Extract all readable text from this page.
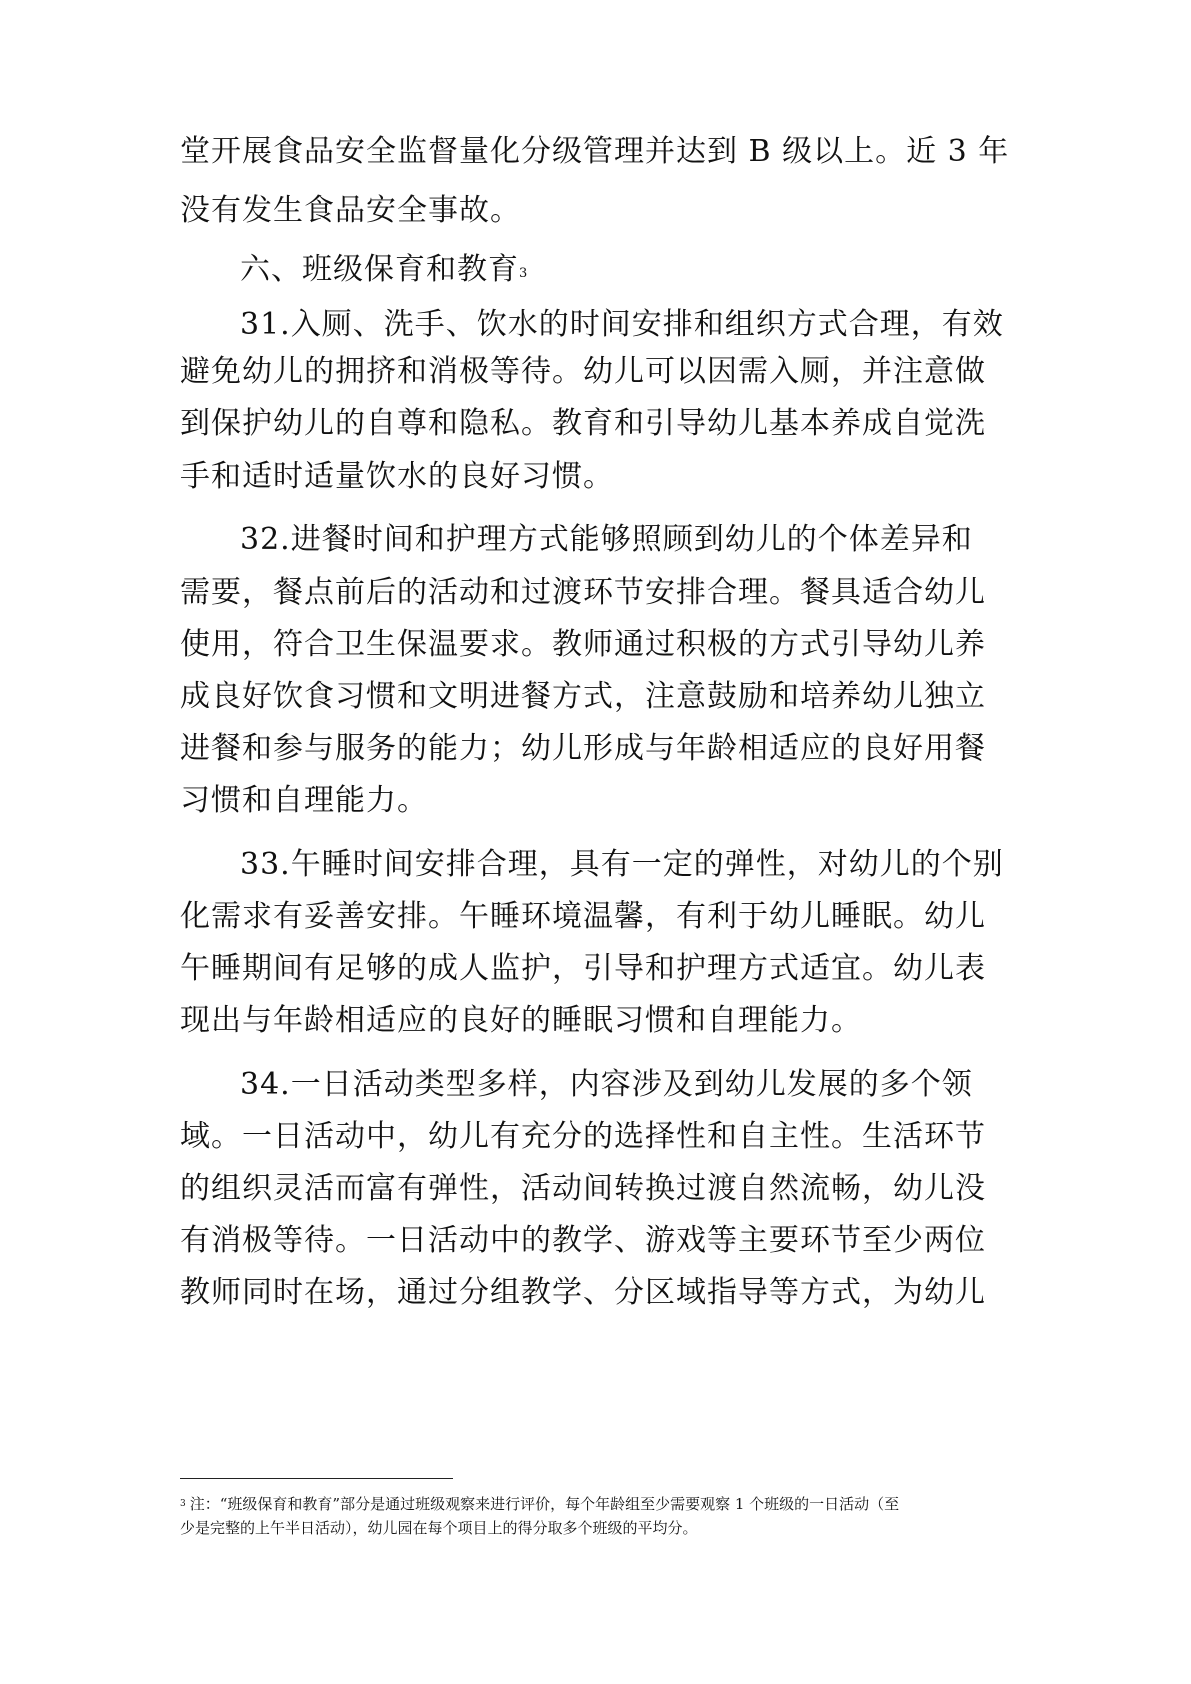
堂开展食品安全监督量化分级管理并达到 B 级以上。近 3 年
没有发生食品安全事故。
六、班级保育和教育3
31.入厕、洗手、饮水的时间安排和组织方式合理，有效
避免幼儿的拥挤和消极等待。幼儿可以因需入厕，并注意做
到保护幼儿的自尊和隐私。教育和引导幼儿基本养成自觉洗
手和适时适量饮水的良好习惯。
32.进餐时间和护理方式能够照顾到幼儿的个体差异和
需要，餐点前后的活动和过渡环节安排合理。餐具适合幼儿
使用，符合卫生保温要求。教师通过积极的方式引导幼儿养
成良好饮食习惯和文明进餐方式，注意鼓励和培养幼儿独立
进餐和参与服务的能力；幼儿形成与年龄相适应的良好用餐
习惯和自理能力。
33.午睡时间安排合理，具有一定的弹性，对幼儿的个别
化需求有妥善安排。午睡环境温馨，有利于幼儿睡眠。幼儿
午睡期间有足够的成人监护，引导和护理方式适宜。幼儿表
现出与年龄相适应的良好的睡眠习惯和自理能力。
34.一日活动类型多样，内容涉及到幼儿发展的多个领
域。一日活动中，幼儿有充分的选择性和自主性。生活环节
的组织灵活而富有弹性，活动间转换过渡自然流畅，幼儿没
有消极等待。一日活动中的教学、游戏等主要环节至少两位
教师同时在场，通过分组教学、分区域指导等方式，为幼儿
$^3$ 注：“班级保育和教育”部分是通过班级观察来进行评价，每个年龄组至少需要观察 1 个班级的一日活动（至
少是完整的上午半日活动），幼儿园在每个项目上的得分取多个班级的平均分。
